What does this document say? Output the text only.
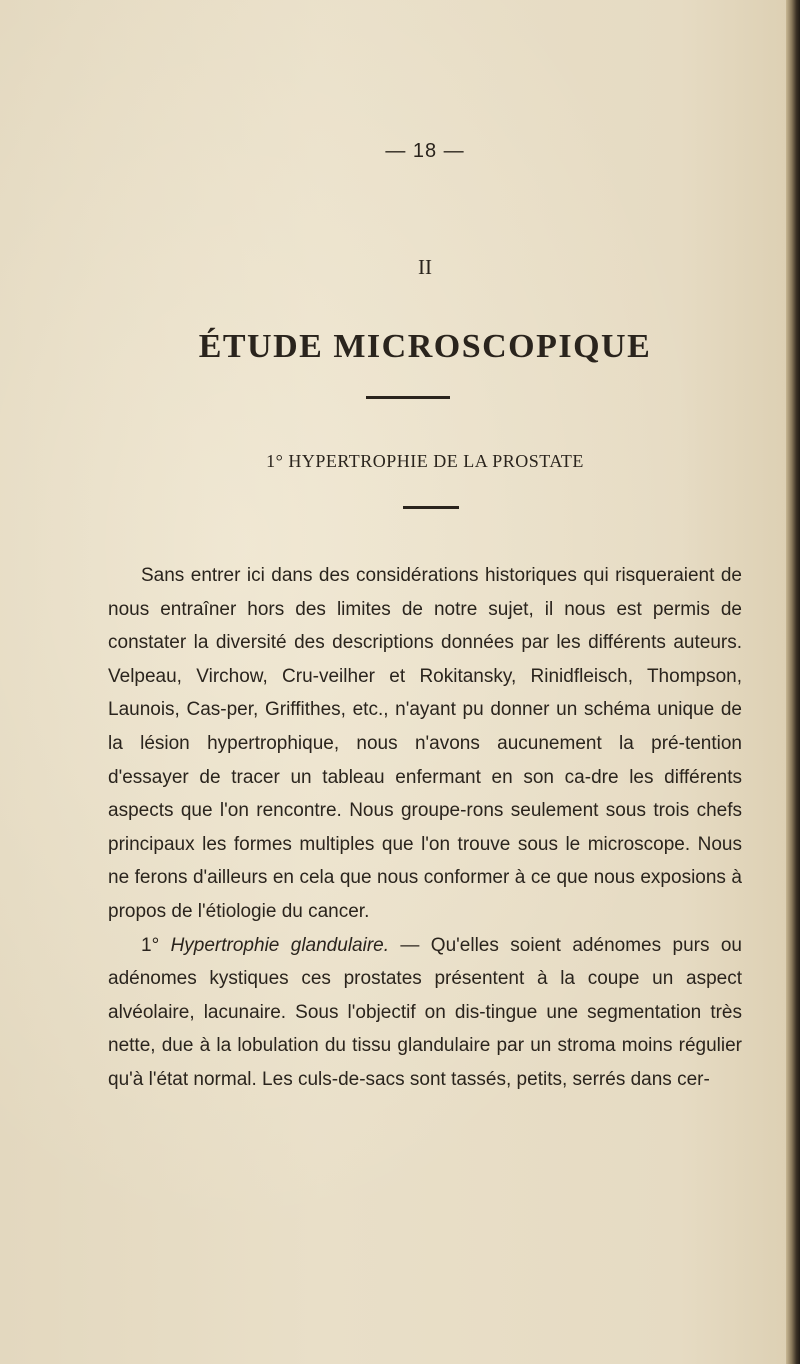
— 18 —
II
ÉTUDE MICROSCOPIQUE
1° HYPERTROPHIE DE LA PROSTATE

Sans entrer ici dans des considérations historiques qui risqueraient de nous entraîner hors des limites de notre sujet, il nous est permis de constater la diversité des descriptions données par les différents auteurs. Velpeau, Virchow, Cru-veilher et Rokitansky, Rinidfleisch, Thompson, Launois, Cas-per, Griffithes, etc., n'ayant pu donner un schéma unique de la lésion hypertrophique, nous n'avons aucunement la pré-tention d'essayer de tracer un tableau enfermant en son ca-dre les différents aspects que l'on rencontre. Nous groupe-rons seulement sous trois chefs principaux les formes multiples que l'on trouve sous le microscope. Nous ne ferons d'ailleurs en cela que nous conformer à ce que nous exposions à propos de l'étiologie du cancer.

1° Hypertrophie glandulaire. — Qu'elles soient adénomes purs ou adénomes kystiques ces prostates présentent à la coupe un aspect alvéolaire, lacunaire. Sous l'objectif on dis-tingue une segmentation très nette, due à la lobulation du tissu glandulaire par un stroma moins régulier qu'à l'état normal. Les culs-de-sacs sont tassés, petits, serrés dans cer-
